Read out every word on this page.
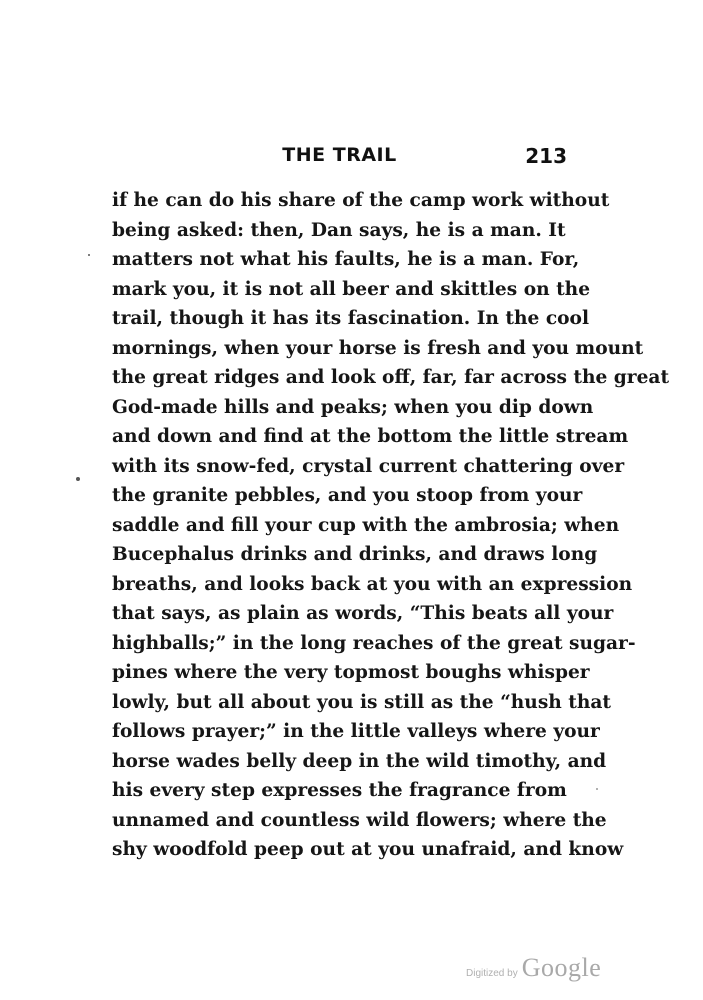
THE TRAIL	213
if he can do his share of the camp work without
being asked: then, Dan says, he is a man. It
matters not what his faults, he is a man. For,
mark you, it is not all beer and skittles on the
trail, though it has its fascination. In the cool
mornings, when your horse is fresh and you mount
the great ridges and look off, far, far across the great
God-made hills and peaks; when you dip down
and down and find at the bottom the little stream
with its snow-fed, crystal current chattering over
the granite pebbles, and you stoop from your
saddle and fill your cup with the ambrosia; when
Bucephalus drinks and drinks, and draws long
breaths, and looks back at you with an expression
that says, as plain as words, “This beats all your
highballs;” in the long reaches of the great sugar-
pines where the very topmost boughs whisper
lowly, but all about you is still as the “hush that
follows prayer;” in the little valleys where your
horse wades belly deep in the wild timothy, and
his every step expresses the fragrance from
unnamed and countless wild flowers; where the
shy woodfold peep out at you unafraid, and know
Digitized by Google
